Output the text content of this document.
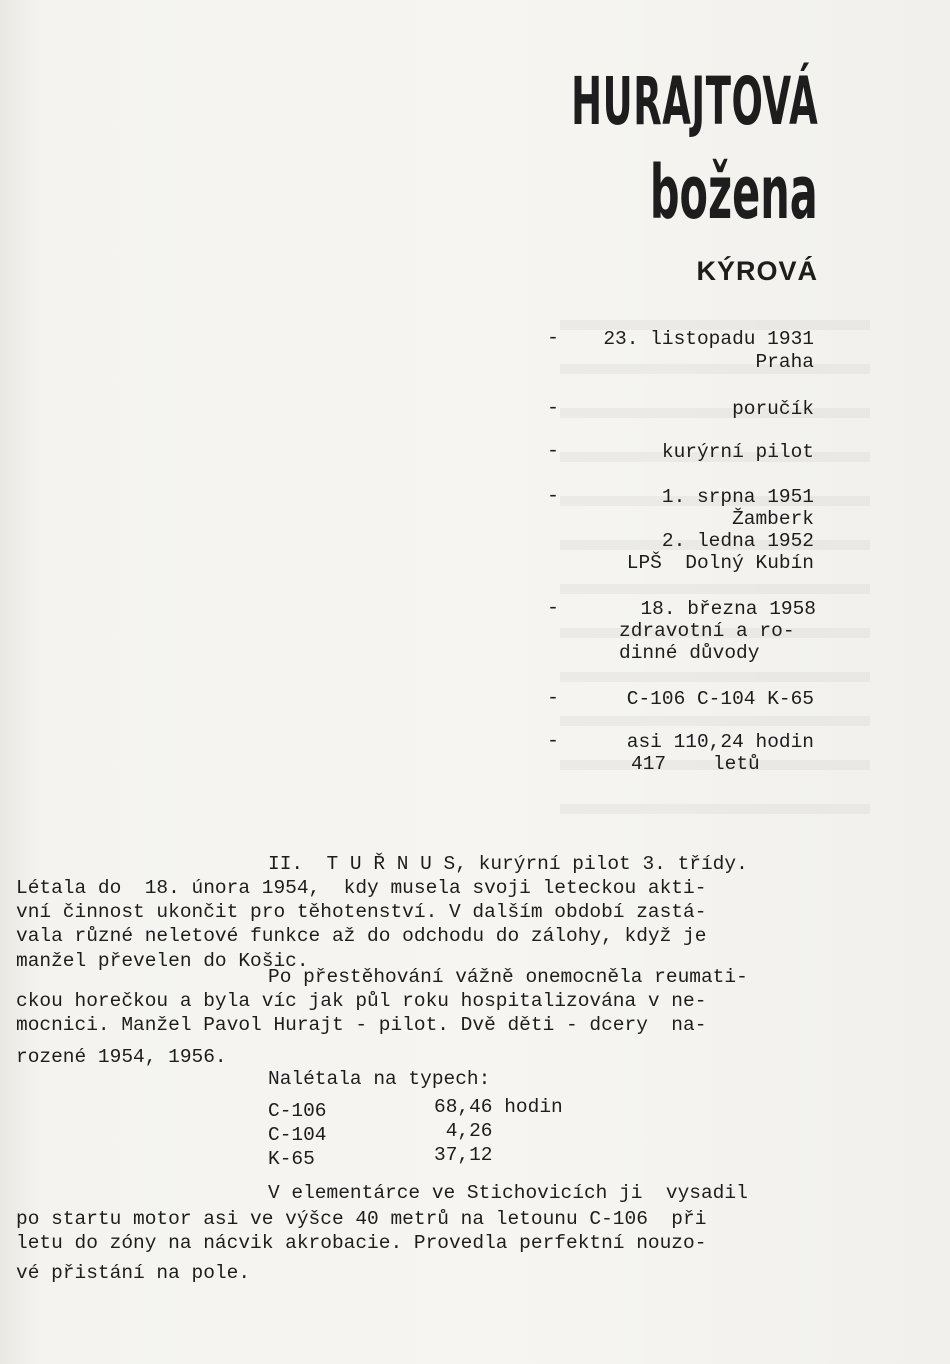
HURAJTOVÁ
božena
KÝROVÁ
- 23. listopadu 1931
Praha
-	poručík
-	kurýrní pilot
-	1. srpna 1951
Žamberk
2. ledna 1952
LPŠ  Dolný Kubín
-	18. března 1958
zdravotní a ro-
dinné důvody
-	C-106 C-104 K-65
-	asi 110,24 hodin
417    letů
II.  T U Ř N U S, kurýrní pilot 3. třídy.
Létala do  18. února 1954,  kdy musela svoji leteckou akti-
vní činnost ukončit pro těhotenství. V dalším období zastá-
vala různé neletové funkce až do odchodu do zálohy, když je
manžel převelen do Košic.
Po přestěhování vážně onemocněla reumati-
ckou horečkou a byla víc jak půl roku hospitalizována v ne-
mocnici. Manžel Pavol Hurajt - pilot. Dvě děti - dcery  na-
rozené 1954, 1956.
Nalétala na typech:
C-106	68,46 hodin
C-104	4,26
K-65	37,12
V elementárce ve Stichovicích ji  vysadil
po startu motor asi ve výšce 40 metrů na letounu C-106  při
letu do zóny na nácvik akrobacie. Provedla perfektní nouzo-
vé přistání na pole.
